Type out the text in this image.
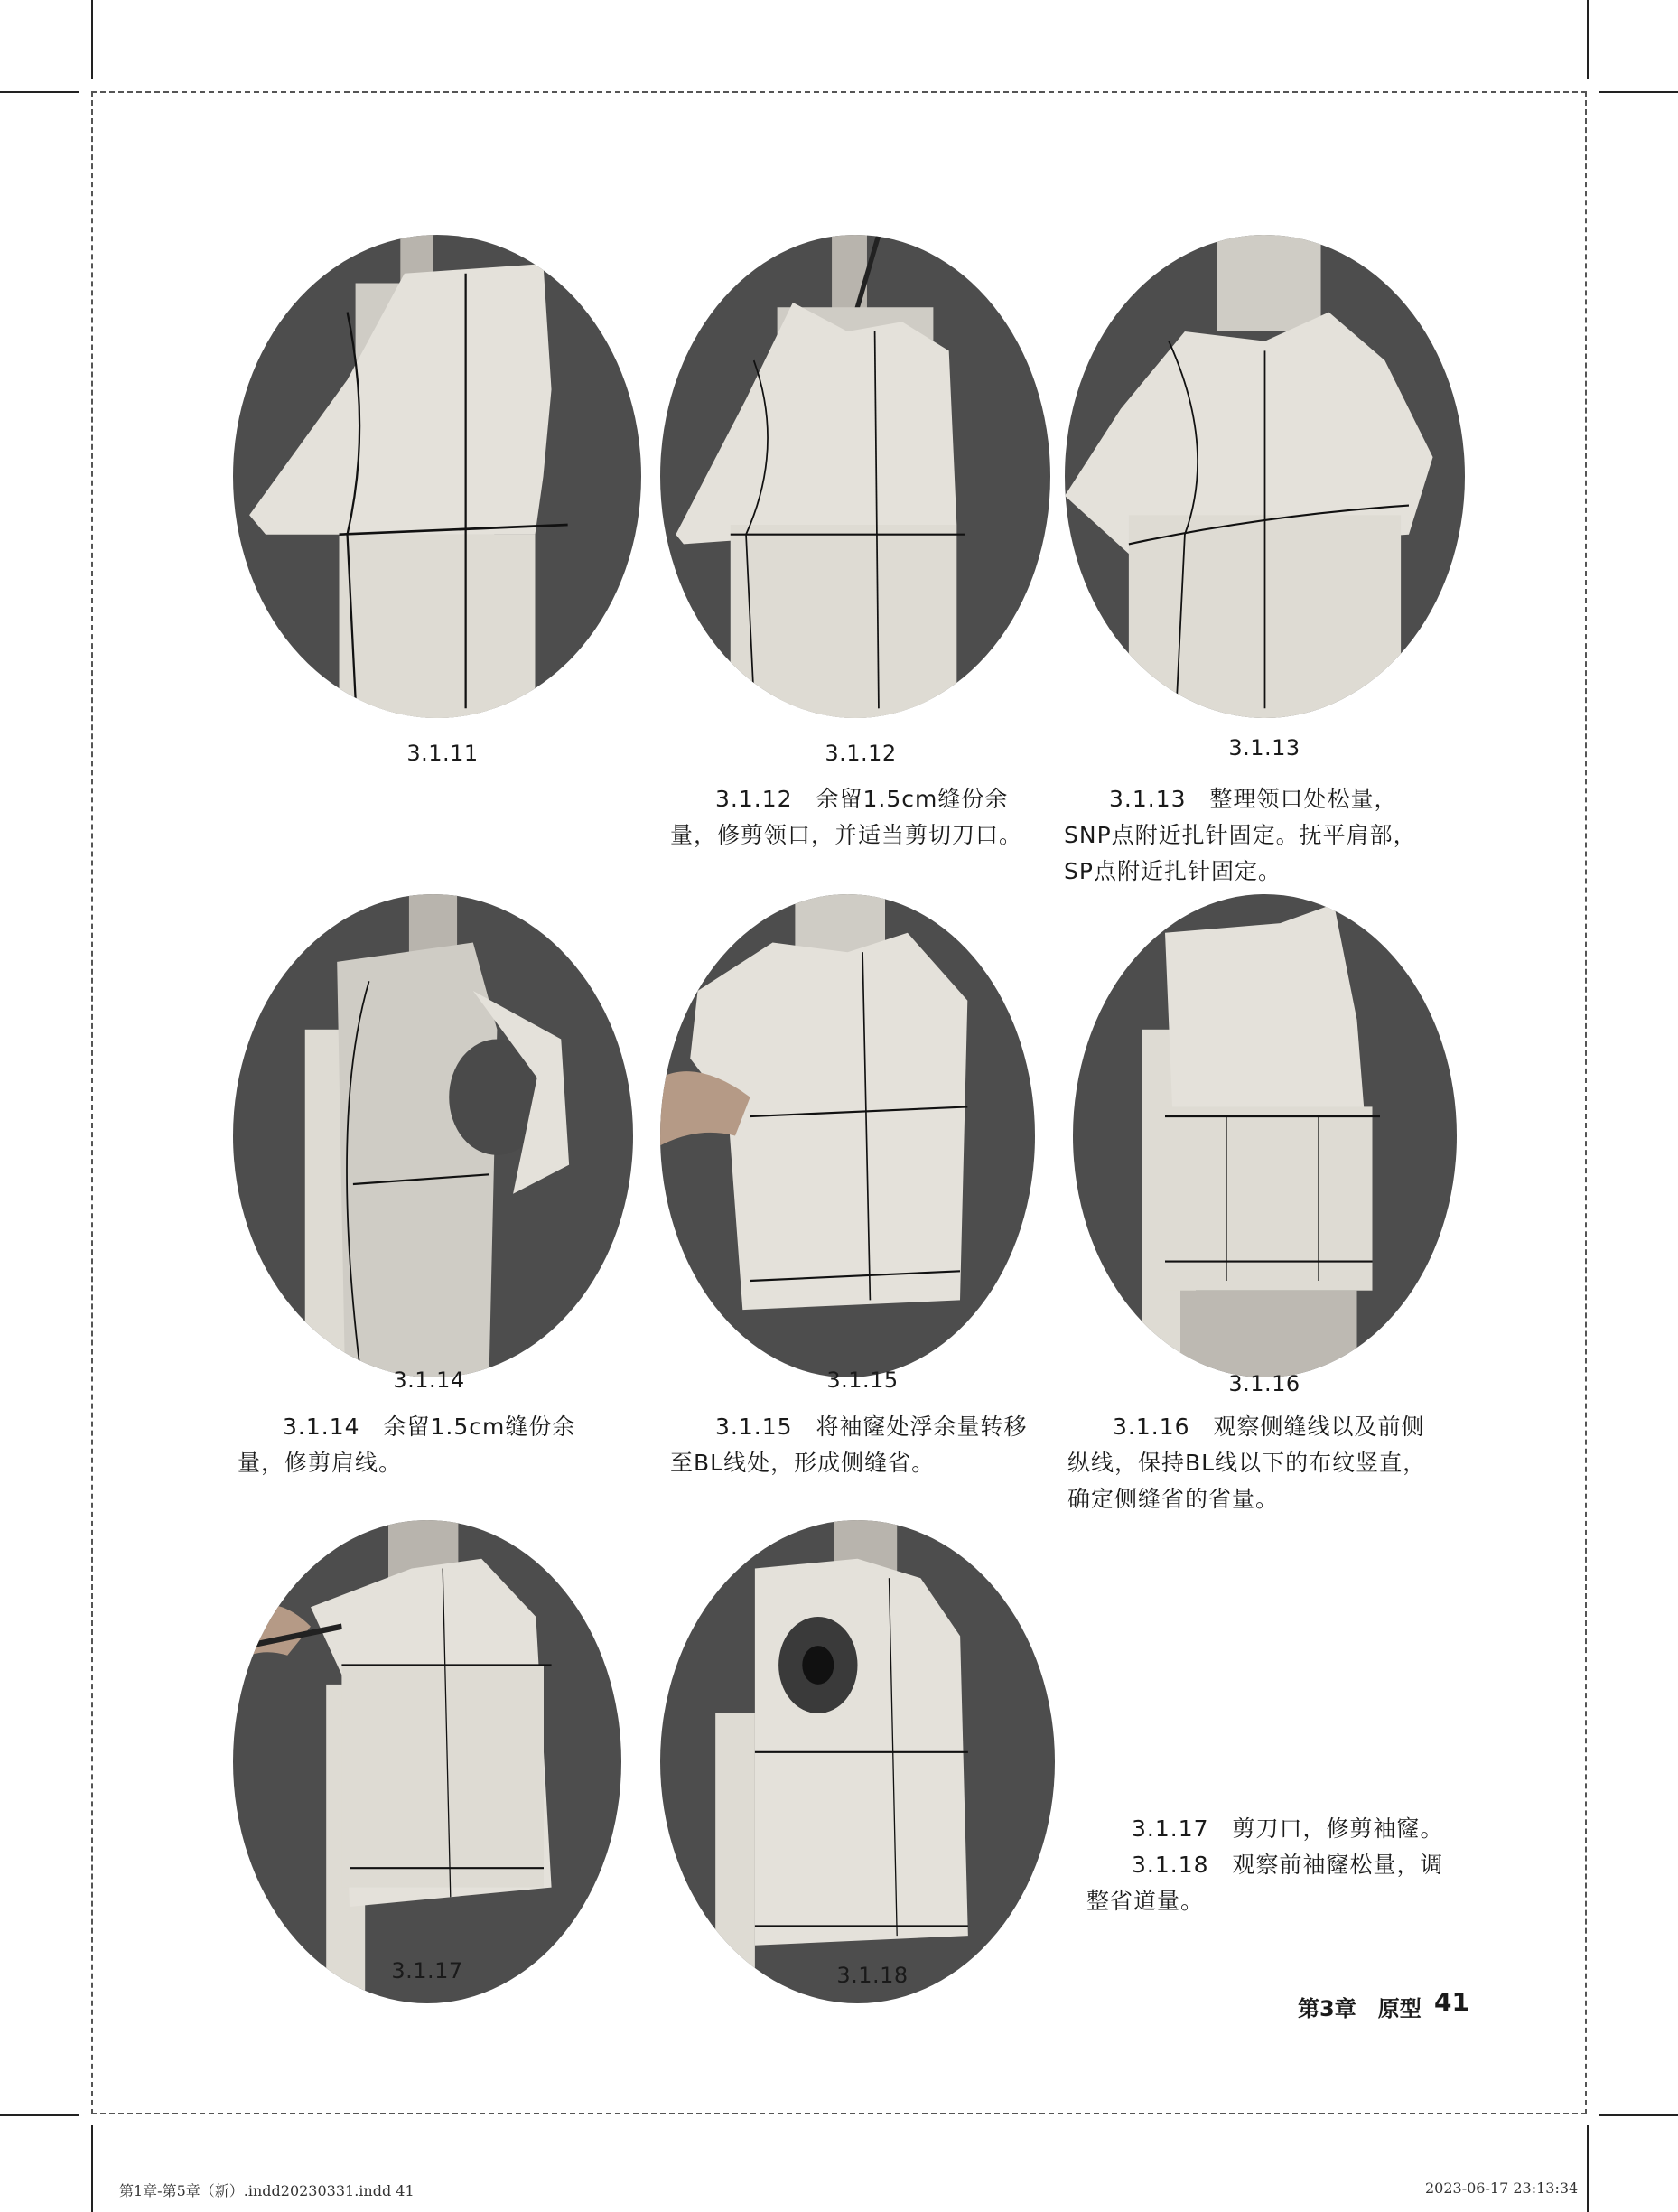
3.1.11	3.1.12	3.1.13

3.1.12　余留1.5cm缝份余量，修剪领口，并适当剪切刀口。

3.1.13　整理领口处松量， SNP点附近扎针固定。抚平肩部，SP点附近扎针固定。

3.1.14	3.1.15	3.1.16

3.1.14　余留1.5cm缝份余量，修剪肩线。

3.1.15　将袖窿处浮余量转移至BL线处，形成侧缝省。

3.1.16　观察侧缝线以及前侧纵线，保持BL线以下的布纹竖直，确定侧缝省的省量。

3.1.17	3.1.18

3.1.17　剪刀口，修剪袖窿。

3.1.18　观察前袖窿松量，调整省道量。

第3章　原型 41
第1章-第5章（新）.indd20230331.indd 41	2023-06-17 23:13:34
